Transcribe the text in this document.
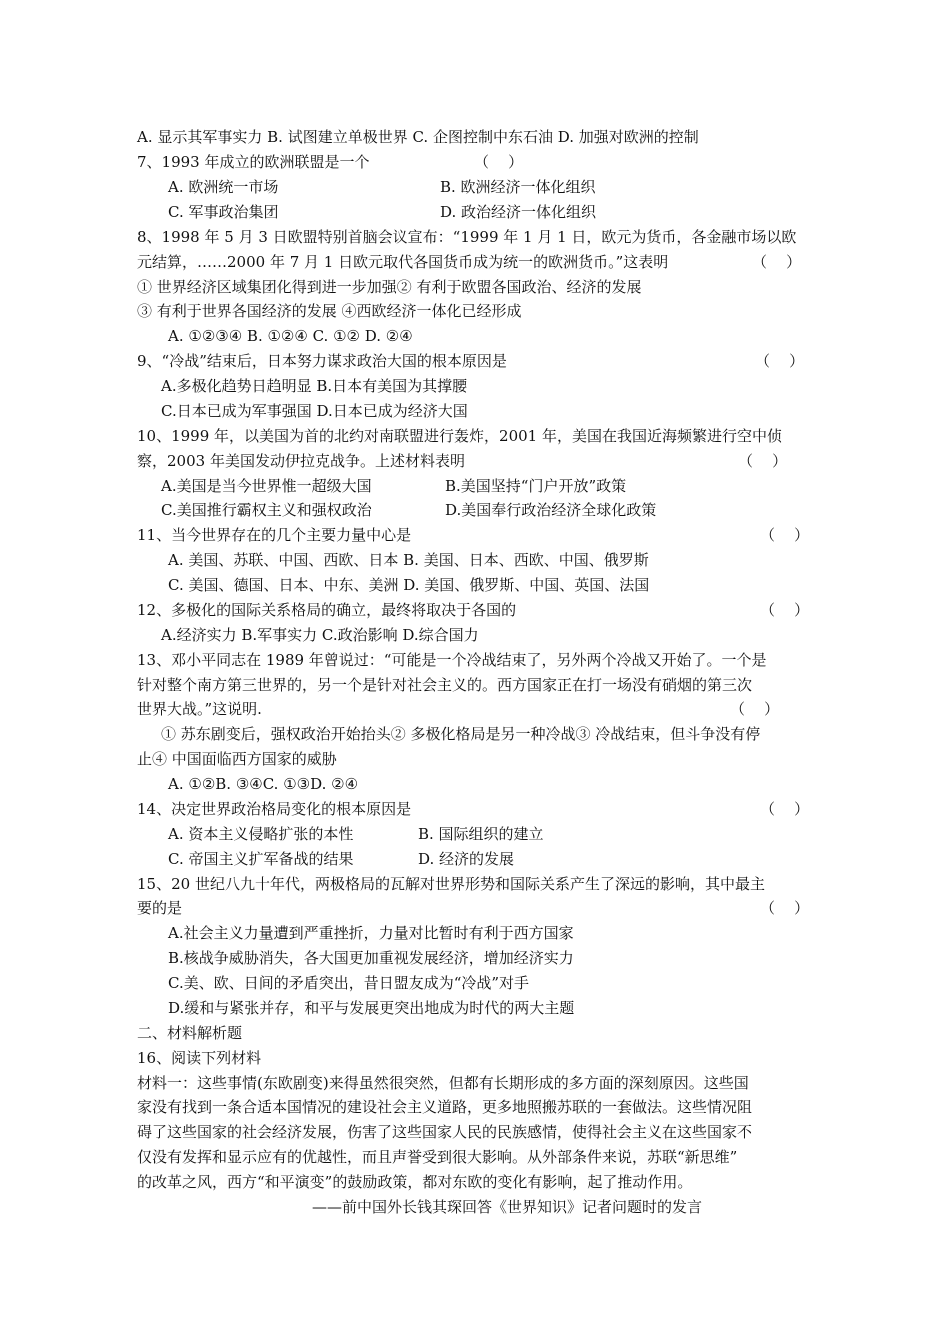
A. 显示其军事实力 B. 试图建立单极世界 C. 企图控制中东石油 D. 加强对欧洲的控制

7、1993 年成立的欧洲联盟是一个	（    ）

A. 欧洲统一市场	B. 欧洲经济一体化组织

C. 军事政治集团	D. 政治经济一体化组织

8、1998 年 5 月 3 日欧盟特别首脑会议宣布：“1999 年 1 月 1 日，欧元为货币，各金融市场以欧

元结算，……2000 年 7 月 1 日欧元取代各国货币成为统一的欧洲货币。”这表明	（    ）

① 世界经济区域集团化得到进一步加强② 有利于欧盟各国政治、经济的发展

③ 有利于世界各国经济的发展 ④西欧经济一体化已经形成

A. ①②③④ B. ①②④ C. ①② D. ②④

9、“冷战”结束后，日本努力谋求政治大国的根本原因是	（    ）

A.多极化趋势日趋明显 B.日本有美国为其撑腰

C.日本已成为军事强国 D.日本已成为经济大国

10、1999 年，以美国为首的北约对南联盟进行轰炸，2001 年，美国在我国近海频繁进行空中侦

察，2003 年美国发动伊拉克战争。上述材料表明	（    ）

A.美国是当今世界惟一超级大国	B.美国坚持“门户开放”政策

C.美国推行霸权主义和强权政治	D.美国奉行政治经济全球化政策

11、当今世界存在的几个主要力量中心是	（    ）

A. 美国、苏联、中国、西欧、日本 B. 美国、日本、西欧、中国、俄罗斯

C. 美国、德国、日本、中东、美洲 D. 美国、俄罗斯、中国、英国、法国

12、多极化的国际关系格局的确立，最终将取决于各国的	（    ）

A.经济实力 B.军事实力 C.政治影响 D.综合国力

13、邓小平同志在 1989 年曾说过：“可能是一个冷战结束了，另外两个冷战又开始了。一个是

针对整个南方第三世界的，另一个是针对社会主义的。西方国家正在打一场没有硝烟的第三次

世界大战。”这说明.	（    ）

① 苏东剧变后，强权政治开始抬头② 多极化格局是另一种冷战③ 冷战结束，但斗争没有停

止④ 中国面临西方国家的威胁

A. ①②B. ③④C. ①③D. ②④

14、决定世界政治格局变化的根本原因是	（    ）

A. 资本主义侵略扩张的本性	B. 国际组织的建立

C. 帝国主义扩军备战的结果	D. 经济的发展

15、20 世纪八九十年代，两极格局的瓦解对世界形势和国际关系产生了深远的影响，其中最主

要的是	（    ）

A.社会主义力量遭到严重挫折，力量对比暂时有利于西方国家

B.核战争威胁消失，各大国更加重视发展经济，增加经济实力

C.美、欧、日间的矛盾突出，昔日盟友成为“冷战”对手

D.缓和与紧张并存，和平与发展更突出地成为时代的两大主题

二、材料解析题

16、阅读下列材料

材料一：这些事情(东欧剧变)来得虽然很突然，但都有长期形成的多方面的深刻原因。这些国

家没有找到一条合适本国情况的建设社会主义道路，更多地照搬苏联的一套做法。这些情况阻

碍了这些国家的社会经济发展，伤害了这些国家人民的民族感情，使得社会主义在这些国家不

仅没有发挥和显示应有的优越性，而且声誉受到很大影响。从外部条件来说，苏联“新思维”

的改革之风，西方“和平演变”的鼓励政策，都对东欧的变化有影响，起了推动作用。

——前中国外长钱其琛回答《世界知识》记者问题时的发言
